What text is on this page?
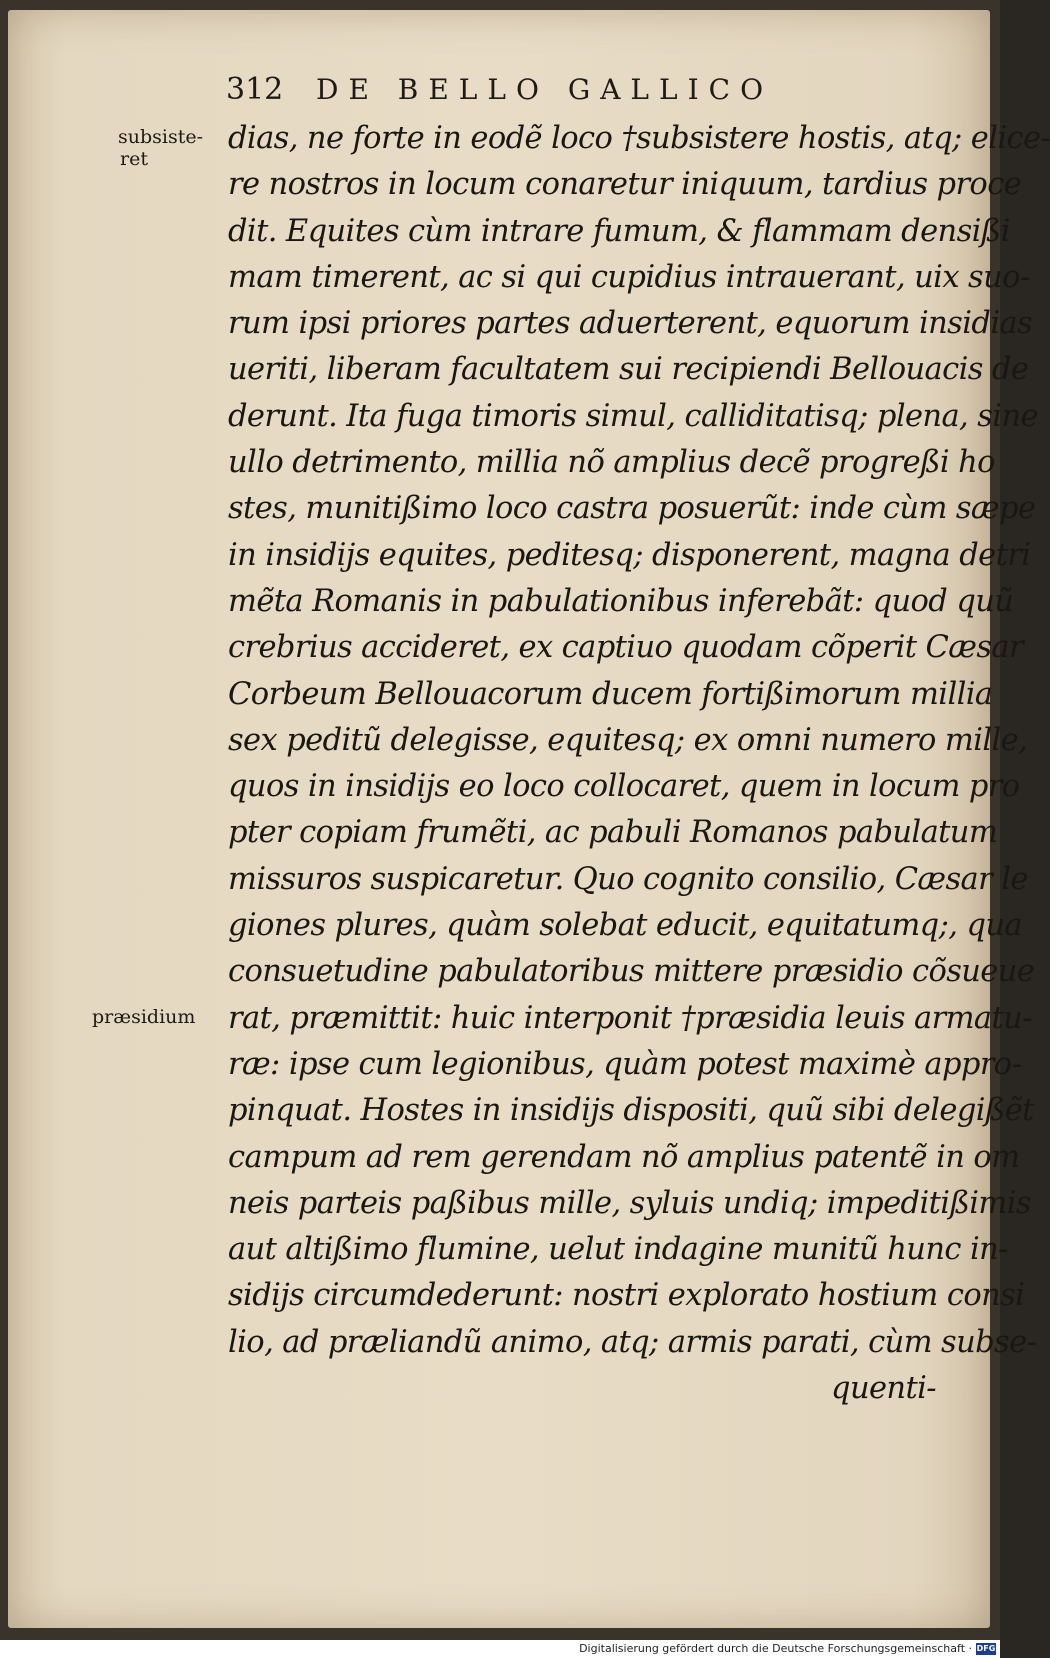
312	DE BELLO GALLICO
subsiste-
ret
præsidium
dias, ne forte in eodẽ loco †subsistere hostis, atq; elice-
re nostros in locum conaretur iniquum, tardius proce
dit. Equites cùm intrare fumum, & flammam densißi
mam timerent, ac si qui cupidius intrauerant, uix suo-
rum ipsi priores partes aduerterent, equorum insidias
ueriti, liberam facultatem sui recipiendi Bellouacis de
derunt. Ita fuga timoris simul, calliditatisq; plena, sine
ullo detrimento, millia nõ amplius decẽ progreßi ho
stes, munitißimo loco castra posuerũt: inde cùm sæpe
in insidijs equites, peditesq; disponerent, magna detri
mẽta Romanis in pabulationibus inferebãt: quod quũ
crebrius accideret, ex captiuo quodam cõperit Cæsar
Corbeum Bellouacorum ducem fortißimorum millia
sex peditũ delegisse, equitesq; ex omni numero mille,
quos in insidijs eo loco collocaret, quem in locum pro
pter copiam frumẽti, ac pabuli Romanos pabulatum
missuros suspicaretur. Quo cognito consilio, Cæsar le
giones plures, quàm solebat educit, equitatumq;, qua
consuetudine pabulatoribus mittere præsidio cõsueue
rat, præmittit: huic interponit †præsidia leuis armatu-
ræ: ipse cum legionibus, quàm potest maximè appro-
pinquat. Hostes in insidijs dispositi, quũ sibi delegißẽt
campum ad rem gerendam nõ amplius patentẽ in om
neis parteis paßibus mille, syluis undiq; impeditißimis
aut altißimo flumine, uelut indagine munitũ hunc in-
sidijs circumdederunt: nostri explorato hostium consi
lio, ad præliandũ animo, atq; armis parati, cùm subse-
quenti-
Digitalisierung gefördert durch die Deutsche Forschungsgemeinschaft · DFG
